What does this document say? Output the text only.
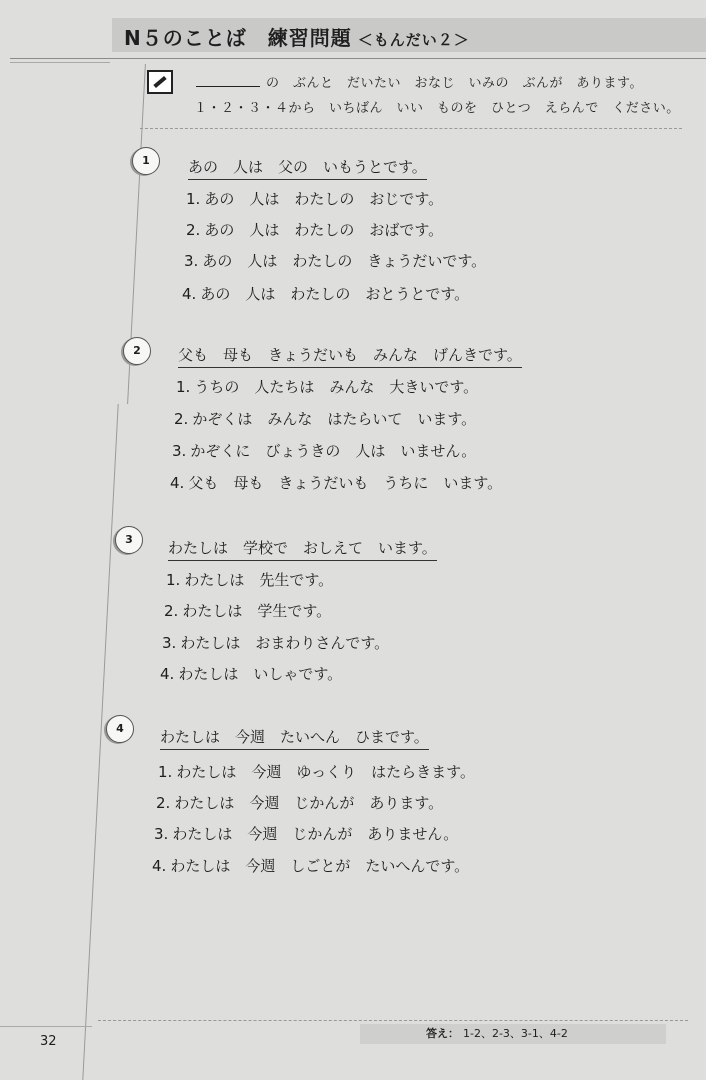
N５のことば　練習問題 ＜もんだい２＞
の　ぶんと　だいたい　おなじ　いみの　ぶんが　あります。
１・２・３・４から　いちばん　いい　ものを　ひとつ　えらんで　ください。
1	あの　人は　父の　いもうとです。
1. あの　人は　わたしの　おじです。
2. あの　人は　わたしの　おばです。
3. あの　人は　わたしの　きょうだいです。
4. あの　人は　わたしの　おとうとです。
2	父も　母も　きょうだいも　みんな　げんきです。
1. うちの　人たちは　みんな　大きいです。
2. かぞくは　みんな　はたらいて　います。
3. かぞくに　びょうきの　人は　いません。
4. 父も　母も　きょうだいも　うちに　います。
3	わたしは　学校で　おしえて　います。
1. わたしは　先生です。
2. わたしは　学生です。
3. わたしは　おまわりさんです。
4. わたしは　いしゃです。
4	わたしは　今週　たいへん　ひまです。
1. わたしは　今週　ゆっくり　はたらきます。
2. わたしは　今週　じかんが　あります。
3. わたしは　今週　じかんが　ありません。
4. わたしは　今週　しごとが　たいへんです。
32
答え： 1-2、2-3、3-1、4-2
